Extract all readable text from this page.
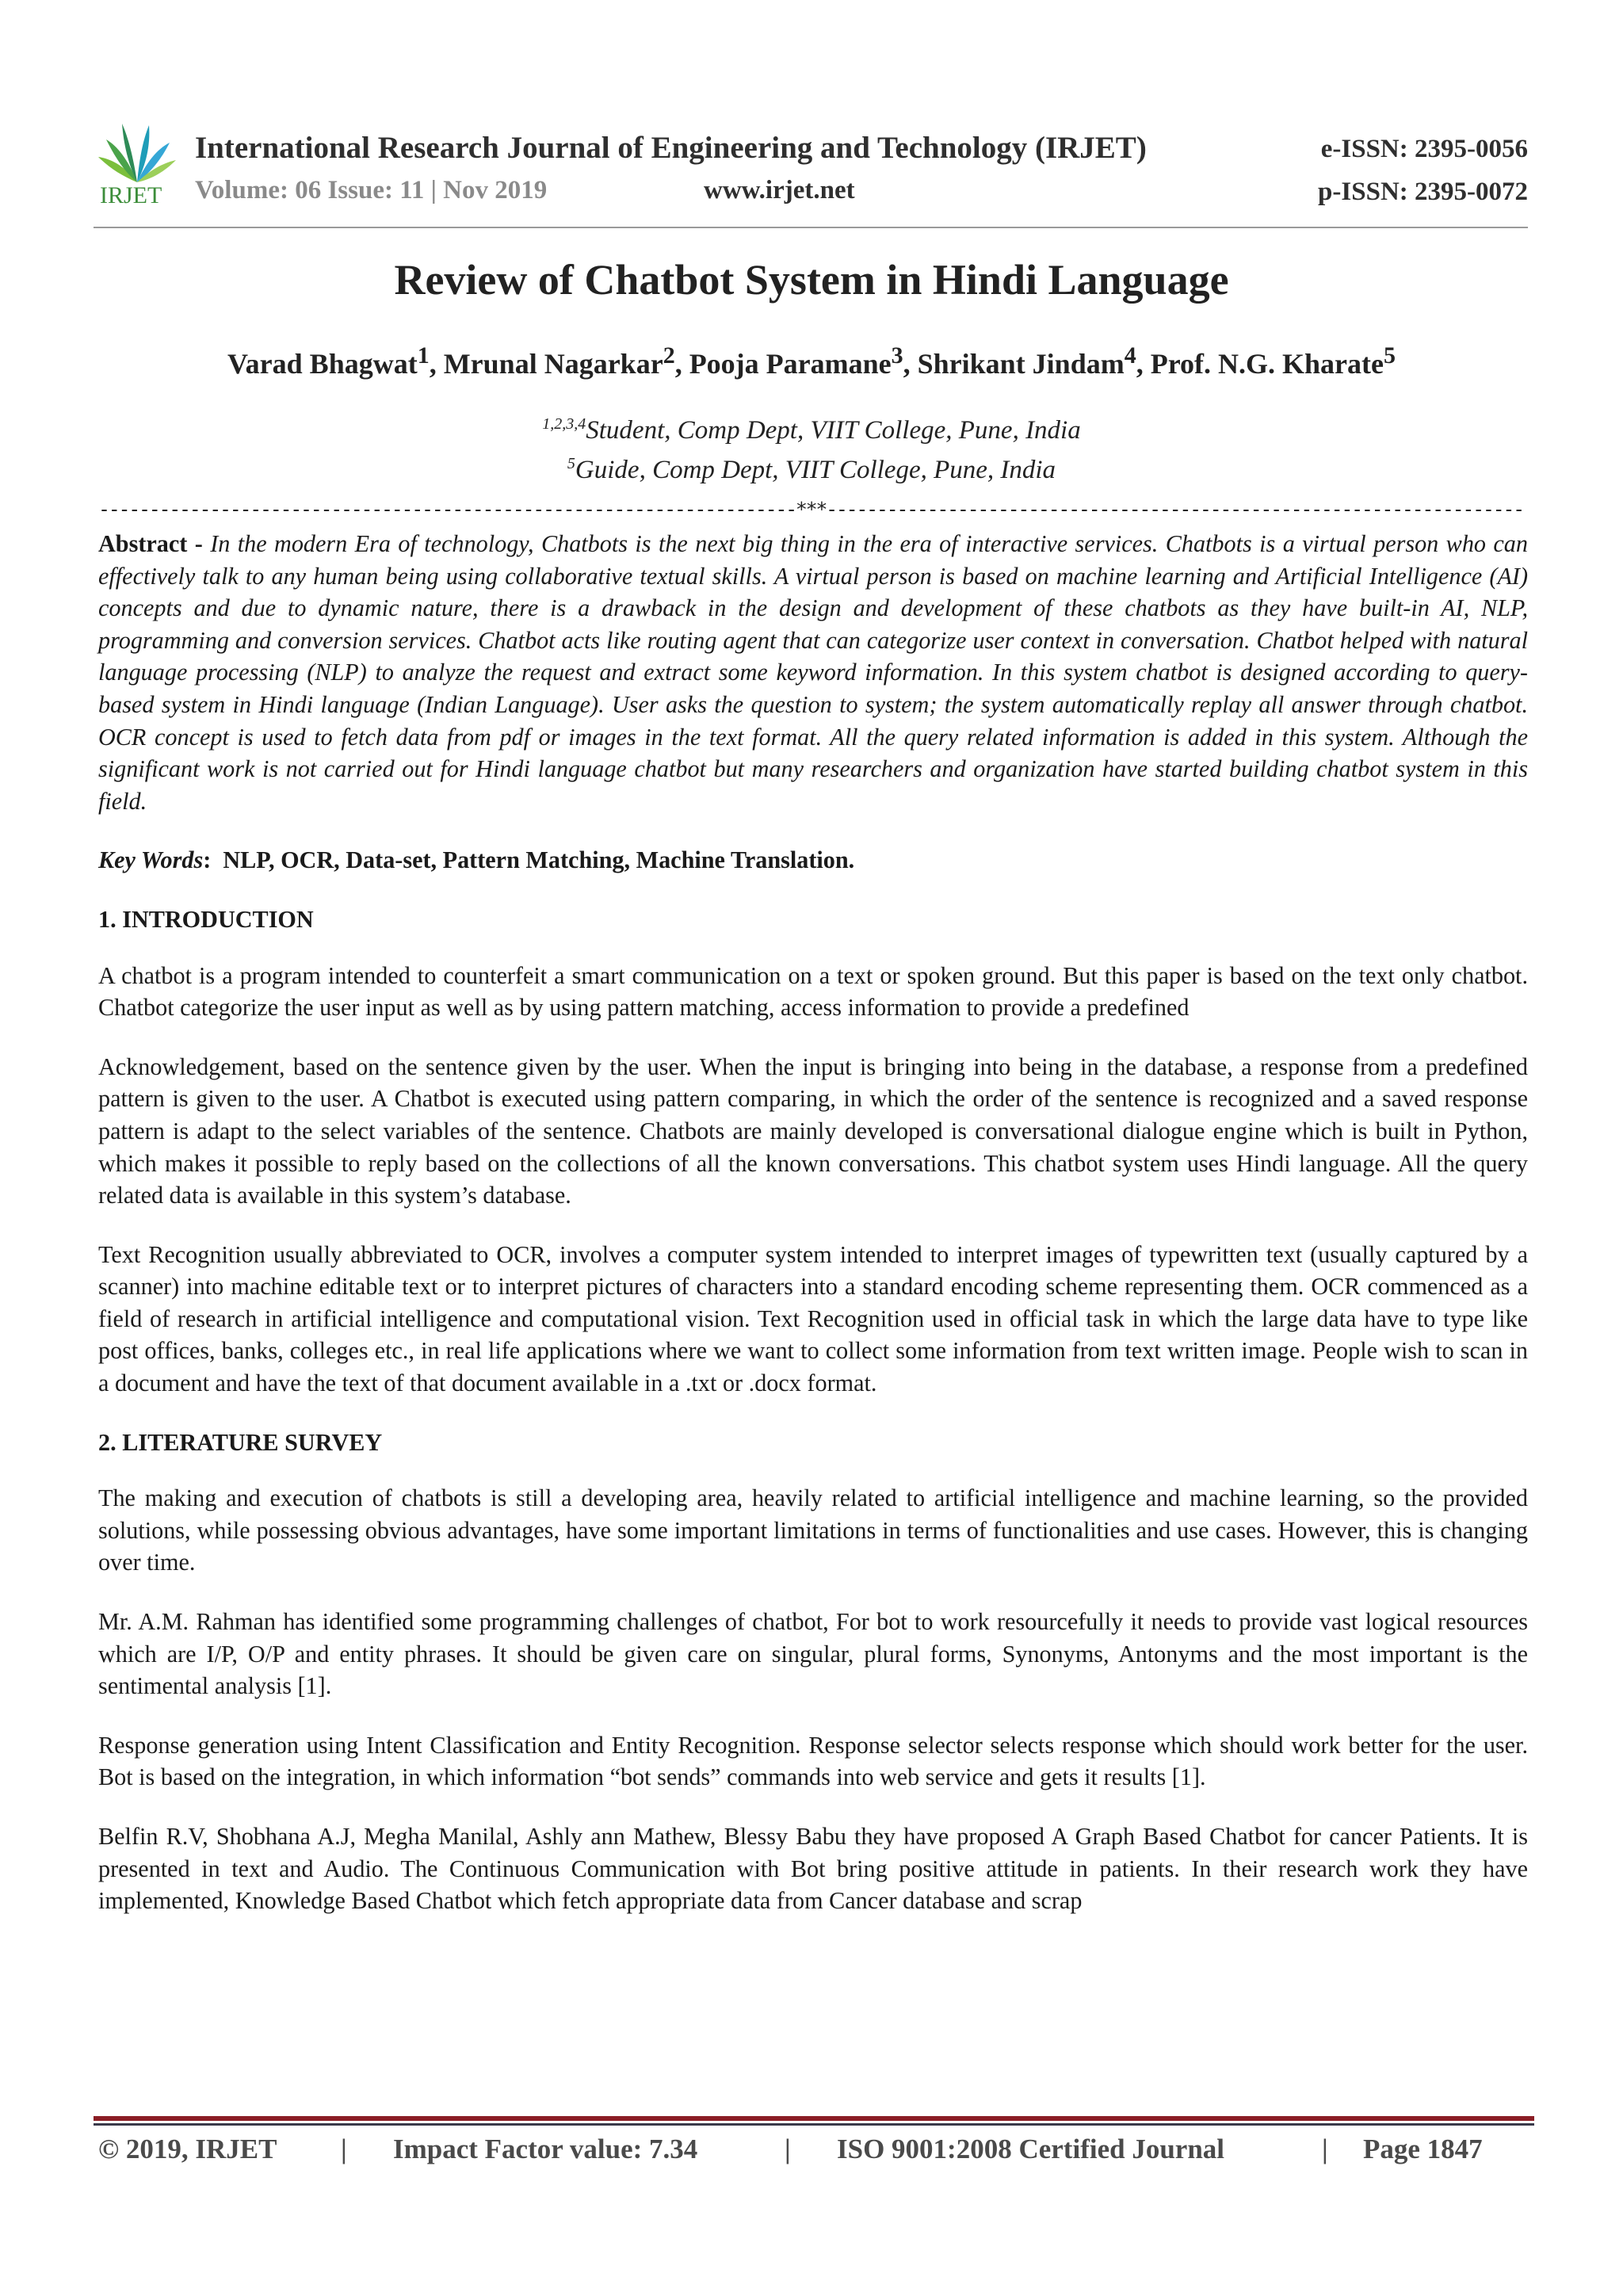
IRJET
International Research Journal of Engineering and Technology (IRJET)	e-ISSN: 2395-0056
Volume: 06 Issue: 11 | Nov 2019	www.irjet.net	p-ISSN: 2395-0072
Review of Chatbot System in Hindi Language
Varad Bhagwat$^1$, Mrunal Nagarkar$^2$, Pooja Paramane$^3$, Shrikant Jindam$^4$, Prof. N.G. Kharate$^5$
$^{1,2,3,4}$Student, Comp Dept, VIIT College, Pune, India
$^5$Guide, Comp Dept, VIIT College, Pune, India
---------------------------------------------------------------------***---------------------------------------------------------------------

Abstract - In the modern Era of technology, Chatbots is the next big thing in the era of interactive services. Chatbots is a virtual person who can effectively talk to any human being using collaborative textual skills. A virtual person is based on machine learning and Artificial Intelligence (AI) concepts and due to dynamic nature, there is a drawback in the design and development of these chatbots as they have built-in AI, NLP, programming and conversion services. Chatbot acts like routing agent that can categorize user context in conversation. Chatbot helped with natural language processing (NLP) to analyze the request and extract some keyword information. In this system chatbot is designed according to query-based system in Hindi language (Indian Language). User asks the question to system; the system automatically replay all answer through chatbot. OCR concept is used to fetch data from pdf or images in the text format. All the query related information is added in this system. Although the significant work is not carried out for Hindi language chatbot but many researchers and organization have started building chatbot system in this field.

Key Words:  NLP, OCR, Data-set, Pattern Matching, Machine Translation.

1. INTRODUCTION

A chatbot is a program intended to counterfeit a smart communication on a text or spoken ground. But this paper is based on the text only chatbot. Chatbot categorize the user input as well as by using pattern matching, access information to provide a predefined

Acknowledgement, based on the sentence given by the user. When the input is bringing into being in the database, a response from a predefined pattern is given to the user. A Chatbot is executed using pattern comparing, in which the order of the sentence is recognized and a saved response pattern is adapt to the select variables of the sentence. Chatbots are mainly developed is conversational dialogue engine which is built in Python, which makes it possible to reply based on the collections of all the known conversations. This chatbot system uses Hindi language. All the query related data is available in this system’s database.

Text Recognition usually abbreviated to OCR, involves a computer system intended to interpret images of typewritten text (usually captured by a scanner) into machine editable text or to interpret pictures of characters into a standard encoding scheme representing them. OCR commenced as a field of research in artificial intelligence and computational vision. Text Recognition used in official task in which the large data have to type like post offices, banks, colleges etc., in real life applications where we want to collect some information from text written image. People wish to scan in a document and have the text of that document available in a .txt or .docx format.

2. LITERATURE SURVEY

The making and execution of chatbots is still a developing area, heavily related to artificial intelligence and machine learning, so the provided solutions, while possessing obvious advantages, have some important limitations in terms of functionalities and use cases. However, this is changing over time.

Mr. A.M. Rahman has identified some programming challenges of chatbot, For bot to work resourcefully it needs to provide vast logical resources which are I/P, O/P and entity phrases. It should be given care on singular, plural forms, Synonyms, Antonyms and the most important is the sentimental analysis [1].

Response generation using Intent Classification and Entity Recognition. Response selector selects response which should work better for the user. Bot is based on the integration, in which information “bot sends” commands into web service and gets it results [1].

Belfin R.V, Shobhana A.J, Megha Manilal, Ashly ann Mathew, Blessy Babu they have proposed A Graph Based Chatbot for cancer Patients. It is presented in text and Audio. The Continuous Communication with Bot bring positive attitude in patients. In their research work they have implemented, Knowledge Based Chatbot which fetch appropriate data from Cancer database and scrap

© 2019, IRJET | Impact Factor value: 7.34	| ISO 9001:2008 Certified Journal	| Page 1847
